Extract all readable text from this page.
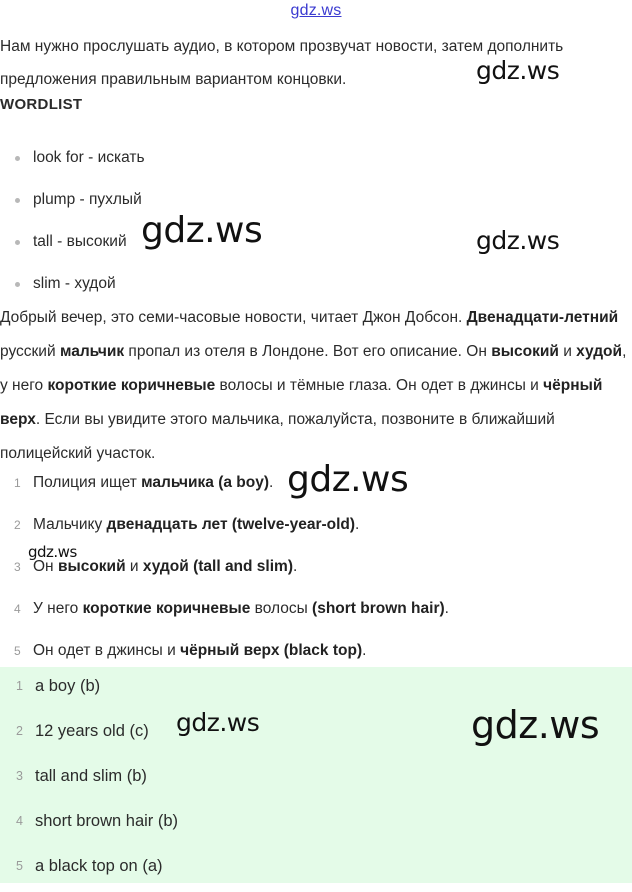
gdz.ws
Нам нужно прослушать аудио, в котором прозвучат новости, затем дополнить
предложения правильным вариантом концовки.
WORDLIST
look for - искать
plump - пухлый
tall - высокий
slim - худой
Добрый вечер, это семи-часовые новости, читает Джон Добсон. Двенадцати-летний русский мальчик пропал из отеля в Лондоне. Вот его описание. Он высокий и худой, у него короткие коричневые волосы и тёмные глаза. Он одет в джинсы и чёрный верх. Если вы увидите этого мальчика, пожалуйста, позвоните в ближайший полицейский участок.
1 Полиция ищет мальчика (a boy).
2 Мальчику двенадцать лет (twelve-year-old).
3 Он высокий и худой (tall and slim).
4 У него короткие коричневые волосы (short brown hair).
5 Он одет в джинсы и чёрный верх (black top).
1 a boy (b)
2 12 years old (c)
3 tall and slim (b)
4 short brown hair (b)
5 a black top on (a)
gdz.ws
gdz.ws	gdz.ws
gdz.ws
gdz.ws
gdz.ws	gdz.ws
